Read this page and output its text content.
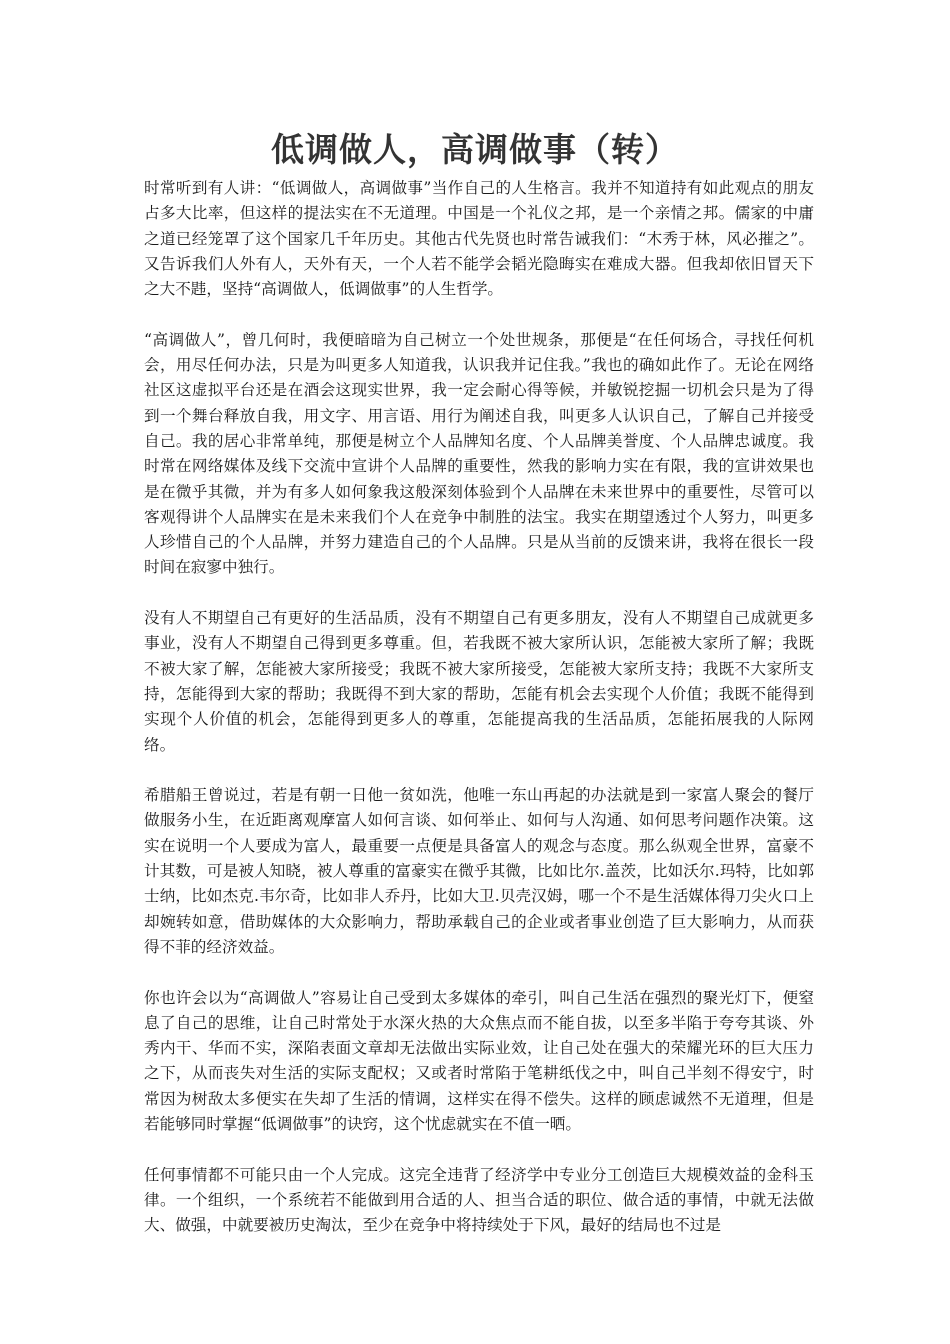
低调做人，高调做事（转）

时常听到有人讲：“低调做人，高调做事”当作自己的人生格言。我并不知道持有如此观点的朋友占多大比率，但这样的提法实在不无道理。中国是一个礼仪之邦，是一个亲情之邦。儒家的中庸之道已经笼罩了这个国家几千年历史。其他古代先贤也时常告诫我们：“木秀于林，风必摧之”。又告诉我们人外有人，天外有天，一个人若不能学会韬光隐晦实在难成大器。但我却依旧冒天下之大不韪，坚持“高调做人，低调做事”的人生哲学。

“高调做人”，曾几何时，我便暗暗为自己树立一个处世规条，那便是“在任何场合，寻找任何机会，用尽任何办法，只是为叫更多人知道我，认识我并记住我。”我也的确如此作了。无论在网络社区这虚拟平台还是在酒会这现实世界，我一定会耐心得等候，并敏锐挖掘一切机会只是为了得到一个舞台释放自我，用文字、用言语、用行为阐述自我，叫更多人认识自己，了解自己并接受自己。我的居心非常单纯，那便是树立个人品牌知名度、个人品牌美誉度、个人品牌忠诚度。我时常在网络媒体及线下交流中宣讲个人品牌的重要性，然我的影响力实在有限，我的宣讲效果也是在微乎其微，并为有多人如何象我这般深刻体验到个人品牌在未来世界中的重要性，尽管可以客观得讲个人品牌实在是未来我们个人在竞争中制胜的法宝。我实在期望透过个人努力，叫更多人珍惜自己的个人品牌，并努力建造自己的个人品牌。只是从当前的反馈来讲，我将在很长一段时间在寂寥中独行。

没有人不期望自己有更好的生活品质，没有不期望自己有更多朋友，没有人不期望自己成就更多事业，没有人不期望自己得到更多尊重。但，若我既不被大家所认识，怎能被大家所了解；我既不被大家了解，怎能被大家所接受；我既不被大家所接受，怎能被大家所支持；我既不大家所支持，怎能得到大家的帮助；我既得不到大家的帮助，怎能有机会去实现个人价值；我既不能得到实现个人价值的机会，怎能得到更多人的尊重，怎能提高我的生活品质，怎能拓展我的人际网络。

希腊船王曾说过，若是有朝一日他一贫如洗，他唯一东山再起的办法就是到一家富人聚会的餐厅做服务小生，在近距离观摩富人如何言谈、如何举止、如何与人沟通、如何思考问题作决策。这实在说明一个人要成为富人，最重要一点便是具备富人的观念与态度。那么纵观全世界，富豪不计其数，可是被人知晓，被人尊重的富豪实在微乎其微，比如比尔.盖茨，比如沃尔.玛特，比如郭士纳，比如杰克.韦尔奇，比如非人乔丹，比如大卫.贝壳汉姆，哪一个不是生活媒体得刀尖火口上却婉转如意，借助媒体的大众影响力，帮助承载自己的企业或者事业创造了巨大影响力，从而获得不菲的经济效益。

你也许会以为“高调做人”容易让自己受到太多媒体的牵引，叫自己生活在强烈的聚光灯下，便窒息了自己的思维，让自己时常处于水深火热的大众焦点而不能自拔，以至多半陷于夸夸其谈、外秀内干、华而不实，深陷表面文章却无法做出实际业效，让自己处在强大的荣耀光环的巨大压力之下，从而丧失对生活的实际支配权；又或者时常陷于笔耕纸伐之中，叫自己半刻不得安宁，时常因为树敌太多便实在失却了生活的情调，这样实在得不偿失。这样的顾虑诚然不无道理，但是若能够同时掌握“低调做事”的诀窍，这个忧虑就实在不值一晒。

任何事情都不可能只由一个人完成。这完全违背了经济学中专业分工创造巨大规模效益的金科玉律。一个组织，一个系统若不能做到用合适的人、担当合适的职位、做合适的事情，中就无法做大、做强，中就要被历史淘汰，至少在竞争中将持续处于下风，最好的结局也不过是
